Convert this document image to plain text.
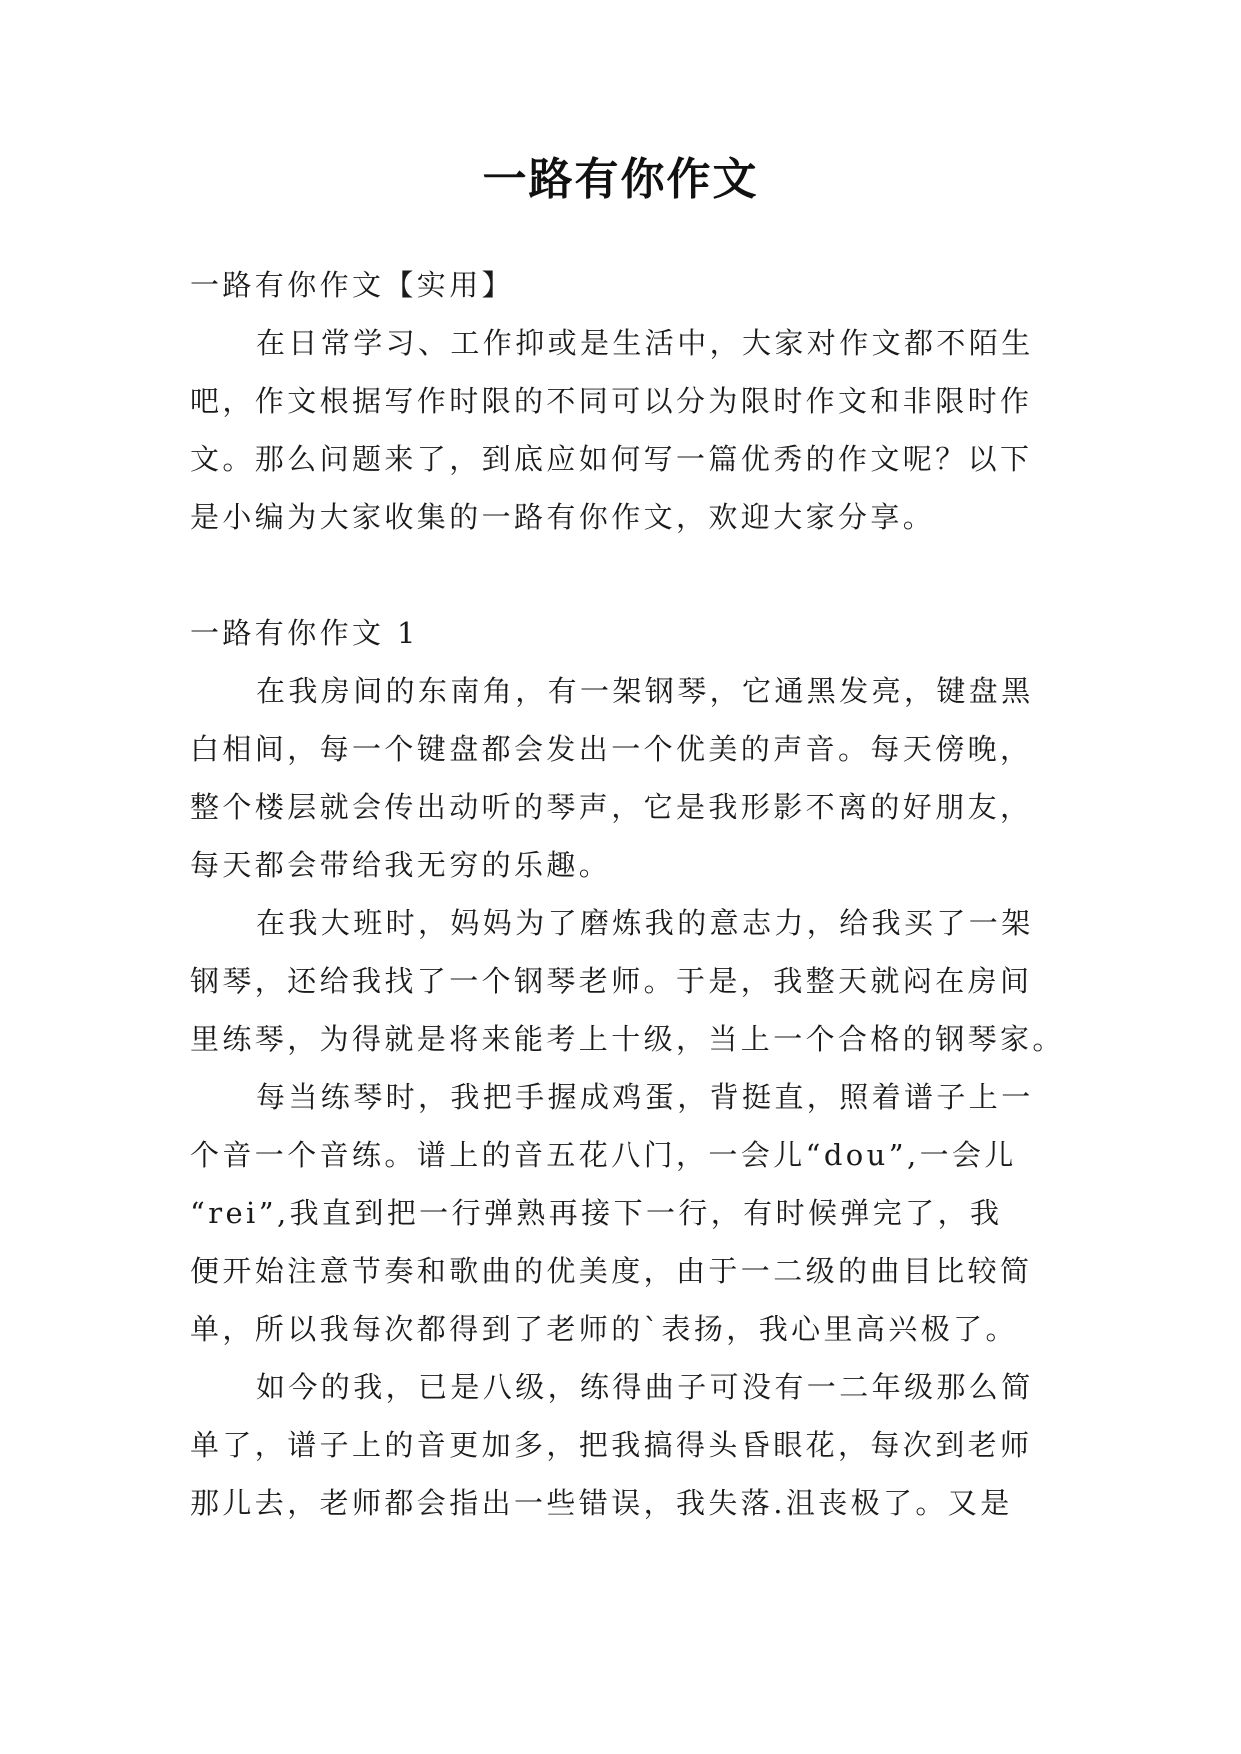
一路有你作文
一路有你作文【实用】
在日常学习、工作抑或是生活中，大家对作文都不陌生
吧，作文根据写作时限的不同可以分为限时作文和非限时作
文。那么问题来了，到底应如何写一篇优秀的作文呢？以下
是小编为大家收集的一路有你作文，欢迎大家分享。
一路有你作文 1
在我房间的东南角，有一架钢琴，它通黑发亮，键盘黑
白相间，每一个键盘都会发出一个优美的声音。每天傍晚，
整个楼层就会传出动听的琴声，它是我形影不离的好朋友，
每天都会带给我无穷的乐趣。
在我大班时，妈妈为了磨炼我的意志力，给我买了一架
钢琴，还给我找了一个钢琴老师。于是，我整天就闷在房间
里练琴，为得就是将来能考上十级，当上一个合格的钢琴家。
每当练琴时，我把手握成鸡蛋，背挺直，照着谱子上一
个音一个音练。谱上的音五花八门，一会儿“dou”,一会儿
“rei”,我直到把一行弹熟再接下一行，有时候弹完了，我
便开始注意节奏和歌曲的优美度，由于一二级的曲目比较简
单，所以我每次都得到了老师的`表扬，我心里高兴极了。
如今的我，已是八级，练得曲子可没有一二年级那么简
单了，谱子上的音更加多，把我搞得头昏眼花，每次到老师
那儿去，老师都会指出一些错误，我失落.沮丧极了。又是
